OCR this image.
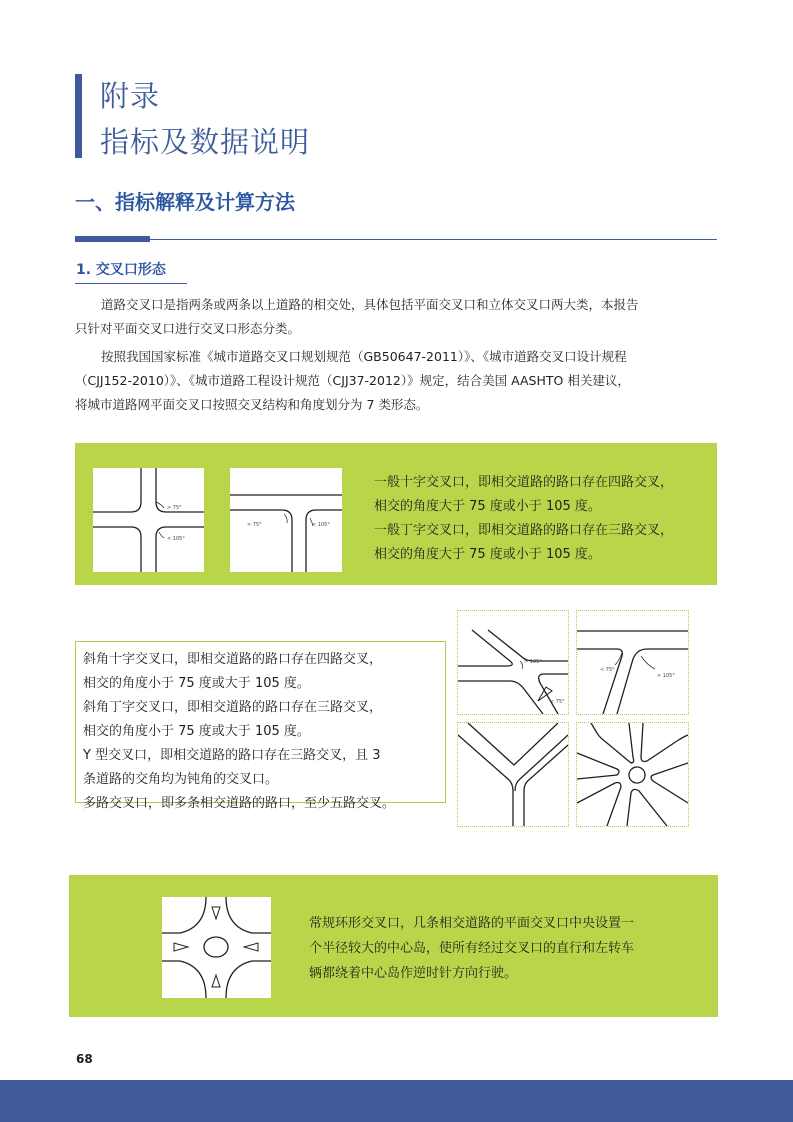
附录
指标及数据说明
一、指标解释及计算方法
1. 交叉口形态

道路交叉口是指两条或两条以上道路的相交处，具体包括平面交叉口和立体交叉口两大类，本报告

只针对平面交叉口进行交叉口形态分类。

按照我国国家标准《城市道路交叉口规划规范（GB50647-2011）》、《城市道路交叉口设计规程

（CJJ152-2010）》、《城市道路工程设计规范（CJJ37-2012）》规定，结合美国 AASHTO 相关建议，

将城市道路网平面交叉口按照交叉结构和角度划分为 7 类形态。

> 75°
< 105°
> 75°	< 105°
一般十字交叉口，即相交道路的路口存在四路交叉，
相交的角度大于 75 度或小于 105 度。
一般丁字交叉口，即相交道路的路口存在三路交叉，
相交的角度大于 75 度或小于 105 度。
斜角十字交叉口，即相交道路的路口存在四路交叉，
相交的角度小于 75 度或大于 105 度。
斜角丁字交叉口，即相交道路的路口存在三路交叉，
相交的角度小于 75 度或大于 105 度。
Y 型交叉口，即相交道路的路口存在三路交叉，且 3
条道路的交角均为钝角的交叉口。
多路交叉口，即多条相交道路的路口，至少五路交叉。
> 105°
< 75°
< 75°
> 105°
常规环形交叉口，几条相交道路的平面交叉口中央设置一
个半径较大的中心岛，使所有经过交叉口的直行和左转车
辆都绕着中心岛作逆时针方向行驶。
68
